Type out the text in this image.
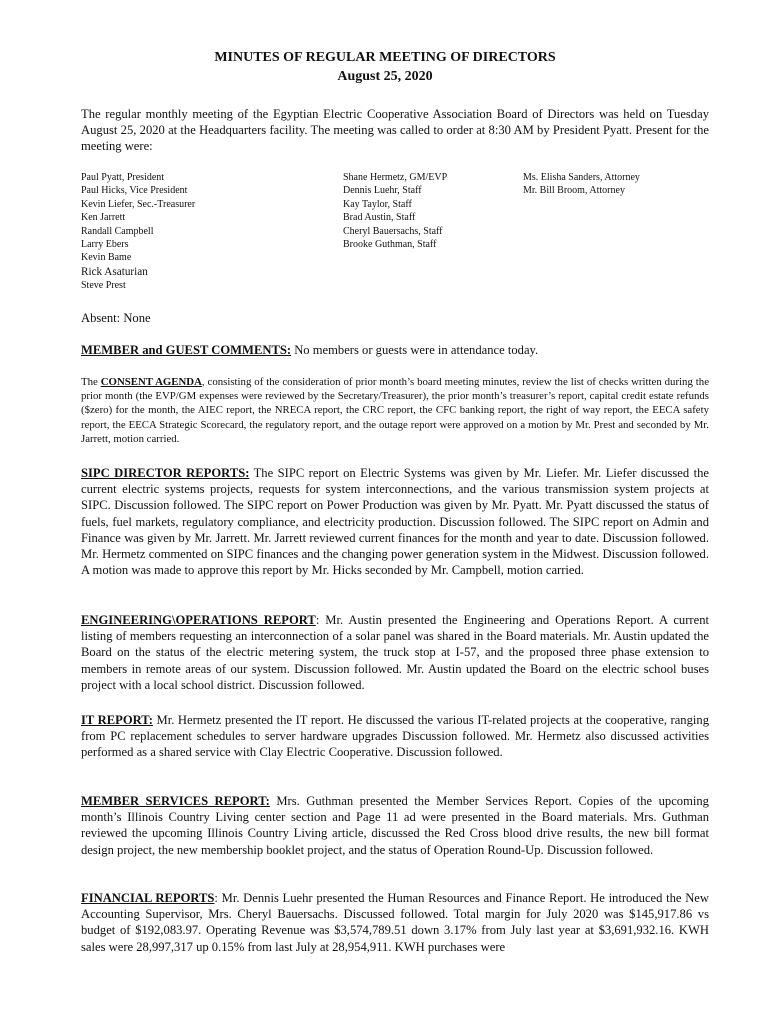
MINUTES OF REGULAR MEETING OF DIRECTORS
August 25, 2020

The regular monthly meeting of the Egyptian Electric Cooperative Association Board of Directors was held on Tuesday August 25, 2020 at the Headquarters facility. The meeting was called to order at 8:30 AM by President Pyatt. Present for the meeting were:

Paul Pyatt, President
Paul Hicks, Vice President
Kevin Liefer, Sec.-Treasurer
Ken Jarrett
Randall Campbell
Larry Ebers
Kevin Bame
Rick Asaturian
Steve Prest
Shane Hermetz, GM/EVP
Dennis Luehr, Staff
Kay Taylor, Staff
Brad Austin, Staff
Cheryl Bauersachs, Staff
Brooke Guthman, Staff
Ms. Elisha Sanders, Attorney
Mr. Bill Broom, Attorney
Absent: None

MEMBER and GUEST COMMENTS: No members or guests were in attendance today.

The CONSENT AGENDA, consisting of the consideration of prior month’s board meeting minutes, review the list of checks written during the prior month (the EVP/GM expenses were reviewed by the Secretary/Treasurer), the prior month’s treasurer’s report, capital credit estate refunds ($zero) for the month, the AIEC report, the NRECA report, the CRC report, the CFC banking report, the right of way report, the EECA safety report, the EECA Strategic Scorecard, the regulatory report, and the outage report were approved on a motion by Mr. Prest and seconded by Mr. Jarrett, motion carried.

SIPC DIRECTOR REPORTS: The SIPC report on Electric Systems was given by Mr. Liefer. Mr. Liefer discussed the current electric systems projects, requests for system interconnections, and the various transmission system projects at SIPC. Discussion followed. The SIPC report on Power Production was given by Mr. Pyatt. Mr. Pyatt discussed the status of fuels, fuel markets, regulatory compliance, and electricity production. Discussion followed. The SIPC report on Admin and Finance was given by Mr. Jarrett. Mr. Jarrett reviewed current finances for the month and year to date. Discussion followed. Mr. Hermetz commented on SIPC finances and the changing power generation system in the Midwest. Discussion followed. A motion was made to approve this report by Mr. Hicks seconded by Mr. Campbell, motion carried.

ENGINEERING\OPERATIONS REPORT: Mr. Austin presented the Engineering and Operations Report. A current listing of members requesting an interconnection of a solar panel was shared in the Board materials. Mr. Austin updated the Board on the status of the electric metering system, the truck stop at I-57, and the proposed three phase extension to members in remote areas of our system. Discussion followed. Mr. Austin updated the Board on the electric school buses project with a local school district. Discussion followed.

IT REPORT: Mr. Hermetz presented the IT report. He discussed the various IT-related projects at the cooperative, ranging from PC replacement schedules to server hardware upgrades Discussion followed. Mr. Hermetz also discussed activities performed as a shared service with Clay Electric Cooperative. Discussion followed.

MEMBER SERVICES REPORT: Mrs. Guthman presented the Member Services Report. Copies of the upcoming month’s Illinois Country Living center section and Page 11 ad were presented in the Board materials. Mrs. Guthman reviewed the upcoming Illinois Country Living article, discussed the Red Cross blood drive results, the new bill format design project, the new membership booklet project, and the status of Operation Round-Up. Discussion followed.

FINANCIAL REPORTS: Mr. Dennis Luehr presented the Human Resources and Finance Report. He introduced the New Accounting Supervisor, Mrs. Cheryl Bauersachs. Discussed followed. Total margin for July 2020 was $145,917.86 vs budget of $192,083.97. Operating Revenue was $3,574,789.51 down 3.17% from July last year at $3,691,932.16. KWH sales were 28,997,317 up 0.15% from last July at 28,954,911. KWH purchases were
